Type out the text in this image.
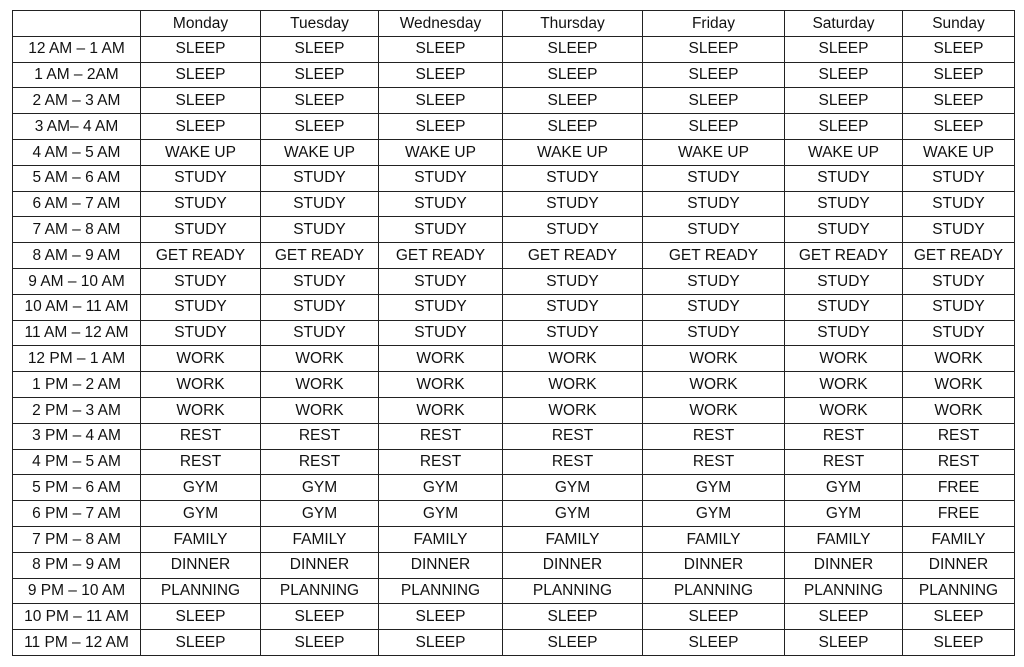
	Monday	Tuesday	Wednesday	Thursday	Friday	Saturday	Sunday
12 AM – 1 AM	SLEEP	SLEEP	SLEEP	SLEEP	SLEEP	SLEEP	SLEEP
1 AM – 2AM	SLEEP	SLEEP	SLEEP	SLEEP	SLEEP	SLEEP	SLEEP
2 AM – 3 AM	SLEEP	SLEEP	SLEEP	SLEEP	SLEEP	SLEEP	SLEEP
3 AM– 4 AM	SLEEP	SLEEP	SLEEP	SLEEP	SLEEP	SLEEP	SLEEP
4 AM – 5 AM	WAKE UP	WAKE UP	WAKE UP	WAKE UP	WAKE UP	WAKE UP	WAKE UP
5 AM – 6 AM	STUDY	STUDY	STUDY	STUDY	STUDY	STUDY	STUDY
6 AM – 7 AM	STUDY	STUDY	STUDY	STUDY	STUDY	STUDY	STUDY
7 AM – 8 AM	STUDY	STUDY	STUDY	STUDY	STUDY	STUDY	STUDY
8 AM – 9 AM	GET READY	GET READY	GET READY	GET READY	GET READY	GET READY	GET READY
9 AM – 10 AM	STUDY	STUDY	STUDY	STUDY	STUDY	STUDY	STUDY
10 AM – 11 AM	STUDY	STUDY	STUDY	STUDY	STUDY	STUDY	STUDY
11 AM – 12 AM	STUDY	STUDY	STUDY	STUDY	STUDY	STUDY	STUDY
12 PM – 1 AM	WORK	WORK	WORK	WORK	WORK	WORK	WORK
1 PM – 2 AM	WORK	WORK	WORK	WORK	WORK	WORK	WORK
2 PM – 3 AM	WORK	WORK	WORK	WORK	WORK	WORK	WORK
3 PM – 4 AM	REST	REST	REST	REST	REST	REST	REST
4 PM – 5 AM	REST	REST	REST	REST	REST	REST	REST
5 PM – 6 AM	GYM	GYM	GYM	GYM	GYM	GYM	FREE
6 PM – 7 AM	GYM	GYM	GYM	GYM	GYM	GYM	FREE
7 PM – 8 AM	FAMILY	FAMILY	FAMILY	FAMILY	FAMILY	FAMILY	FAMILY
8 PM – 9 AM	DINNER	DINNER	DINNER	DINNER	DINNER	DINNER	DINNER
9 PM – 10 AM	PLANNING	PLANNING	PLANNING	PLANNING	PLANNING	PLANNING	PLANNING
10 PM – 11 AM	SLEEP	SLEEP	SLEEP	SLEEP	SLEEP	SLEEP	SLEEP
11 PM – 12 AM	SLEEP	SLEEP	SLEEP	SLEEP	SLEEP	SLEEP	SLEEP
